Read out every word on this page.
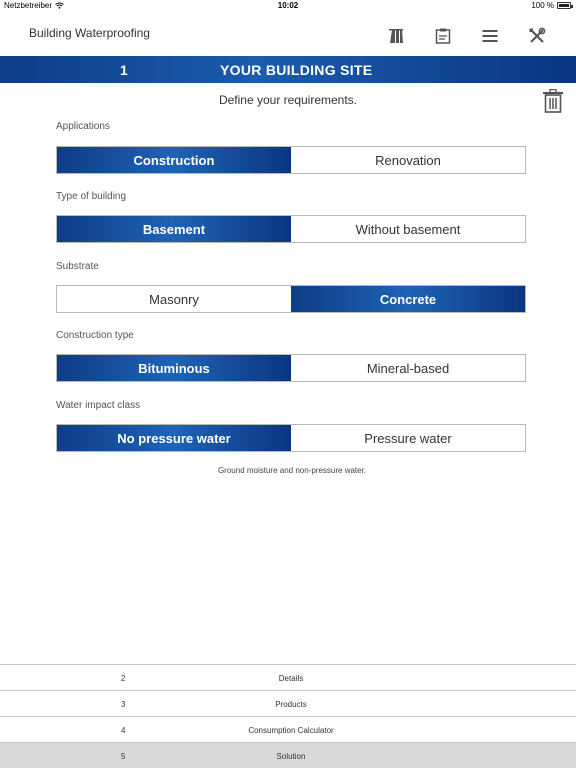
Netzbetreiber	10:02	100 %
Building Waterproofing
1	YOUR BUILDING SITE
Define your requirements.
Applications
Construction	Renovation
Type of building
Basement	Without basement
Substrate
Masonry	Concrete
Construction type
Bituminous	Mineral-based
Water impact class
No pressure water	Pressure water
Ground moisture and non-pressure water.
2	Details
3	Products
4	Consumption Calculator
5	Solution
